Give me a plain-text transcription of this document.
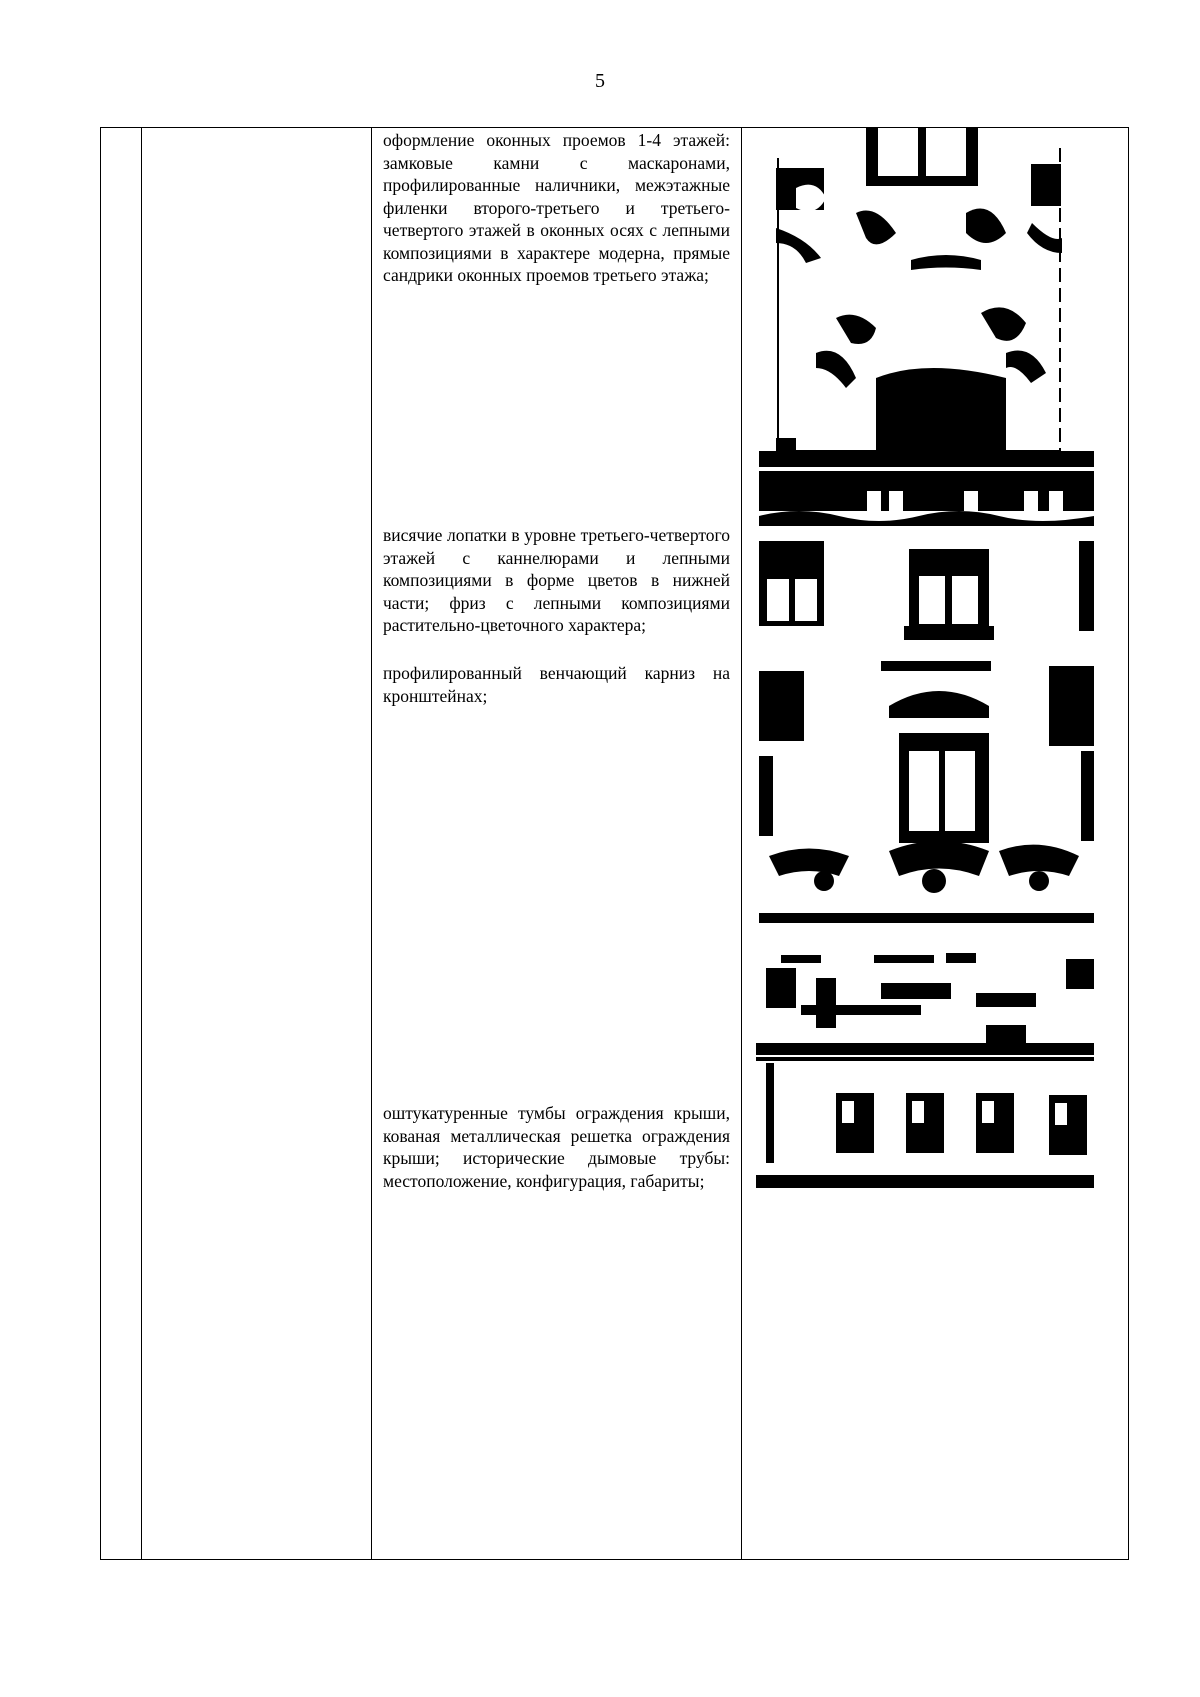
5
оформление оконных проемов 1-4 этажей: замковые камни с маскаронами, профилированные наличники, межэтажные филенки второго-третьего и третьего-четвертого этажей в оконных осях с лепными композициями в характере модерна, прямые сандрики оконных проемов третьего этажа;
висячие лопатки в уровне третьего-четвертого этажей с каннелюрами и лепными композициями в форме цветов в нижней части; фриз с лепными композициями растительно-цветочного характера;
профилированный венчающий карниз на кронштейнах;
оштукатуренные тумбы ограждения крыши, кованая металлическая решетка ограждения крыши; исторические дымовые трубы: местоположение, конфигурация, габариты;
